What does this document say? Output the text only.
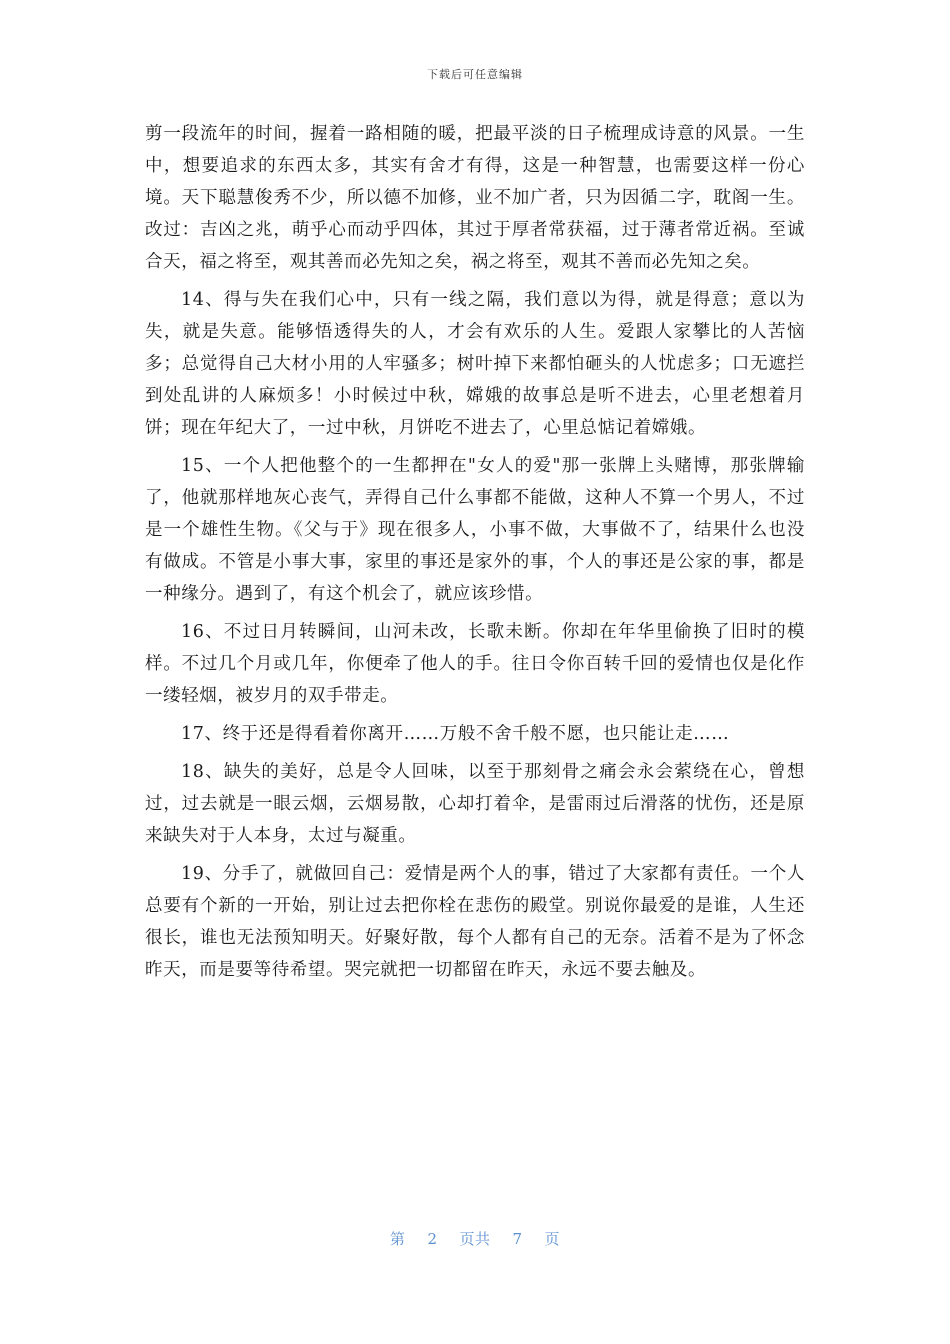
下载后可任意编辑

剪一段流年的时间，握着一路相随的暖，把最平淡的日子梳理成诗意的风景。一生中，想要追求的东西太多，其实有舍才有得，这是一种智慧，也需要这样一份心境。天下聪慧俊秀不少，所以德不加修，业不加广者，只为因循二字，耽阁一生。改过：吉凶之兆，萌乎心而动乎四体，其过于厚者常获福，过于薄者常近祸。至诚合天，福之将至，观其善而必先知之矣，祸之将至，观其不善而必先知之矣。

14、得与失在我们心中，只有一线之隔，我们意以为得，就是得意；意以为失，就是失意。能够悟透得失的人，才会有欢乐的人生。爱跟人家攀比的人苦恼多；总觉得自己大材小用的人牢骚多；树叶掉下来都怕砸头的人忧虑多；口无遮拦到处乱讲的人麻烦多！小时候过中秋，嫦娥的故事总是听不进去，心里老想着月饼；现在年纪大了，一过中秋，月饼吃不进去了，心里总惦记着嫦娥。

15、一个人把他整个的一生都押在"女人的爱"那一张牌上头赌博，那张牌输了，他就那样地灰心丧气，弄得自己什么事都不能做，这种人不算一个男人，不过是一个雄性生物。《父与于》现在很多人，小事不做，大事做不了，结果什么也没有做成。不管是小事大事，家里的事还是家外的事，个人的事还是公家的事，都是一种缘分。遇到了，有这个机会了，就应该珍惜。

16、不过日月转瞬间，山河未改，长歌未断。你却在年华里偷换了旧时的模样。不过几个月或几年，你便牵了他人的手。往日令你百转千回的爱情也仅是化作一缕轻烟，被岁月的双手带走。

17、终于还是得看着你离开……万般不舍千般不愿，也只能让走……

18、缺失的美好，总是令人回味，以至于那刻骨之痛会永会萦绕在心，曾想过，过去就是一眼云烟，云烟易散，心却打着伞，是雷雨过后滑落的忧伤，还是原来缺失对于人本身，太过与凝重。

19、分手了，就做回自己：爱情是两个人的事，错过了大家都有责任。一个人总要有个新的一开始，别让过去把你栓在悲伤的殿堂。别说你最爱的是谁，人生还很长，谁也无法预知明天。好聚好散，每个人都有自己的无奈。活着不是为了怀念昨天，而是要等待希望。哭完就把一切都留在昨天，永远不要去触及。

第 2 页共 7 页
